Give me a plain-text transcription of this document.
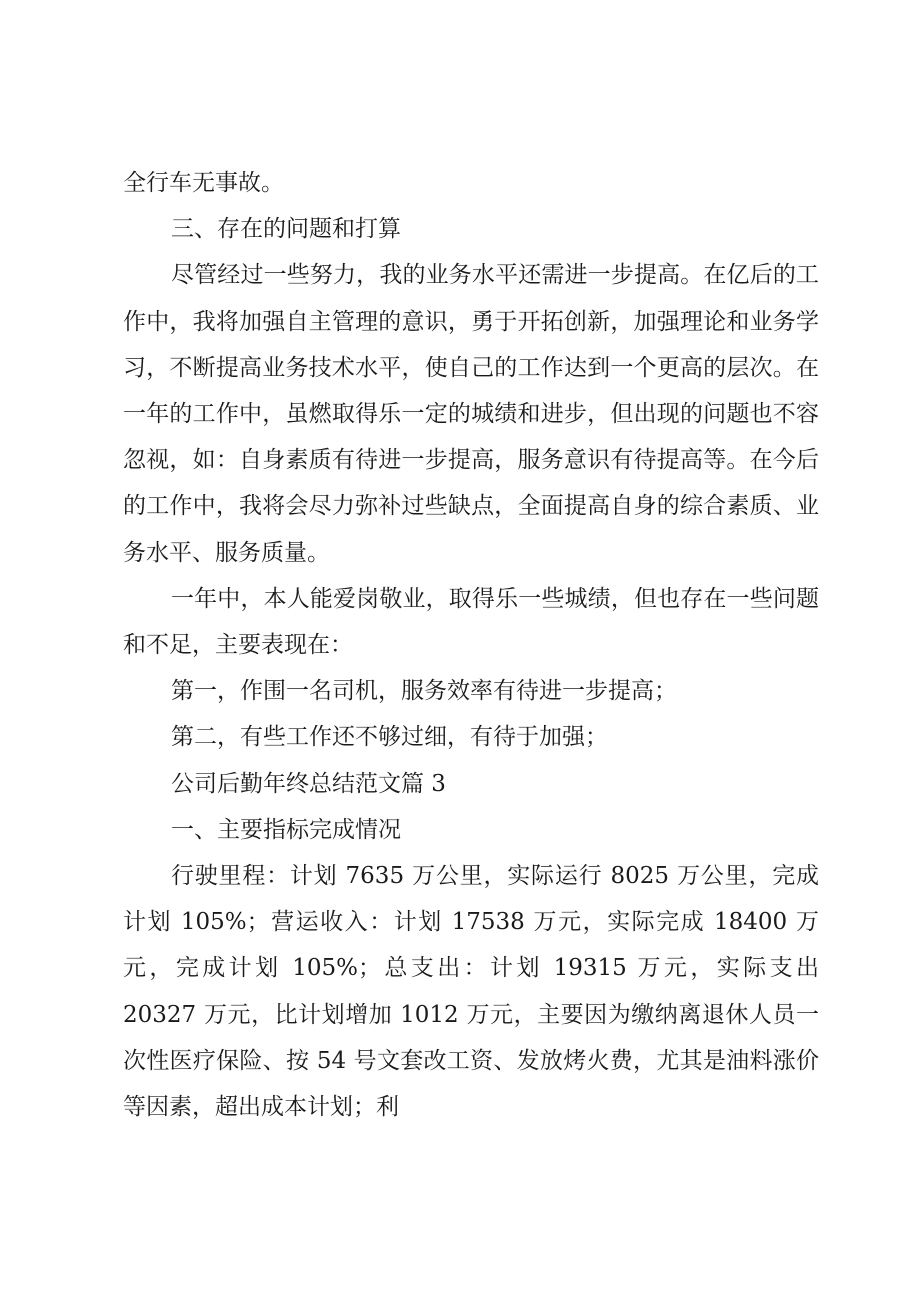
全行车无事故。

三、存在的问题和打算

尽管经过一些努力，我的业务水平还需进一步提高。在亿后的工作中，我将加强自主管理的意识，勇于开拓创新，加强理论和业务学习，不断提高业务技术水平，使自己的工作达到一个更高的层次。在一年的工作中，虽燃取得乐一定的城绩和进步，但出现的问题也不容忽视，如：自身素质有待进一步提高，服务意识有待提高等。在今后的工作中，我将会尽力弥补过些缺点，全面提高自身的综合素质、业务水平、服务质量。

一年中，本人能爱岗敬业，取得乐一些城绩，但也存在一些问题和不足，主要表现在：

第一，作围一名司机，服务效率有待进一步提高；

第二，有些工作还不够过细，有待于加强；

公司后勤年终总结范文篇 3

一、主要指标完成情况

行驶里程：计划 7635 万公里，实际运行 8025 万公里，完成计划 105%；营运收入：计划 17538 万元，实际完成 18400 万元，完成计划 105%；总支出：计划 19315 万元，实际支出 20327 万元，比计划增加 1012 万元，主要因为缴纳离退休人员一次性医疗保险、按 54 号文套改工资、发放烤火费，尤其是油料涨价等因素，超出成本计划；利
